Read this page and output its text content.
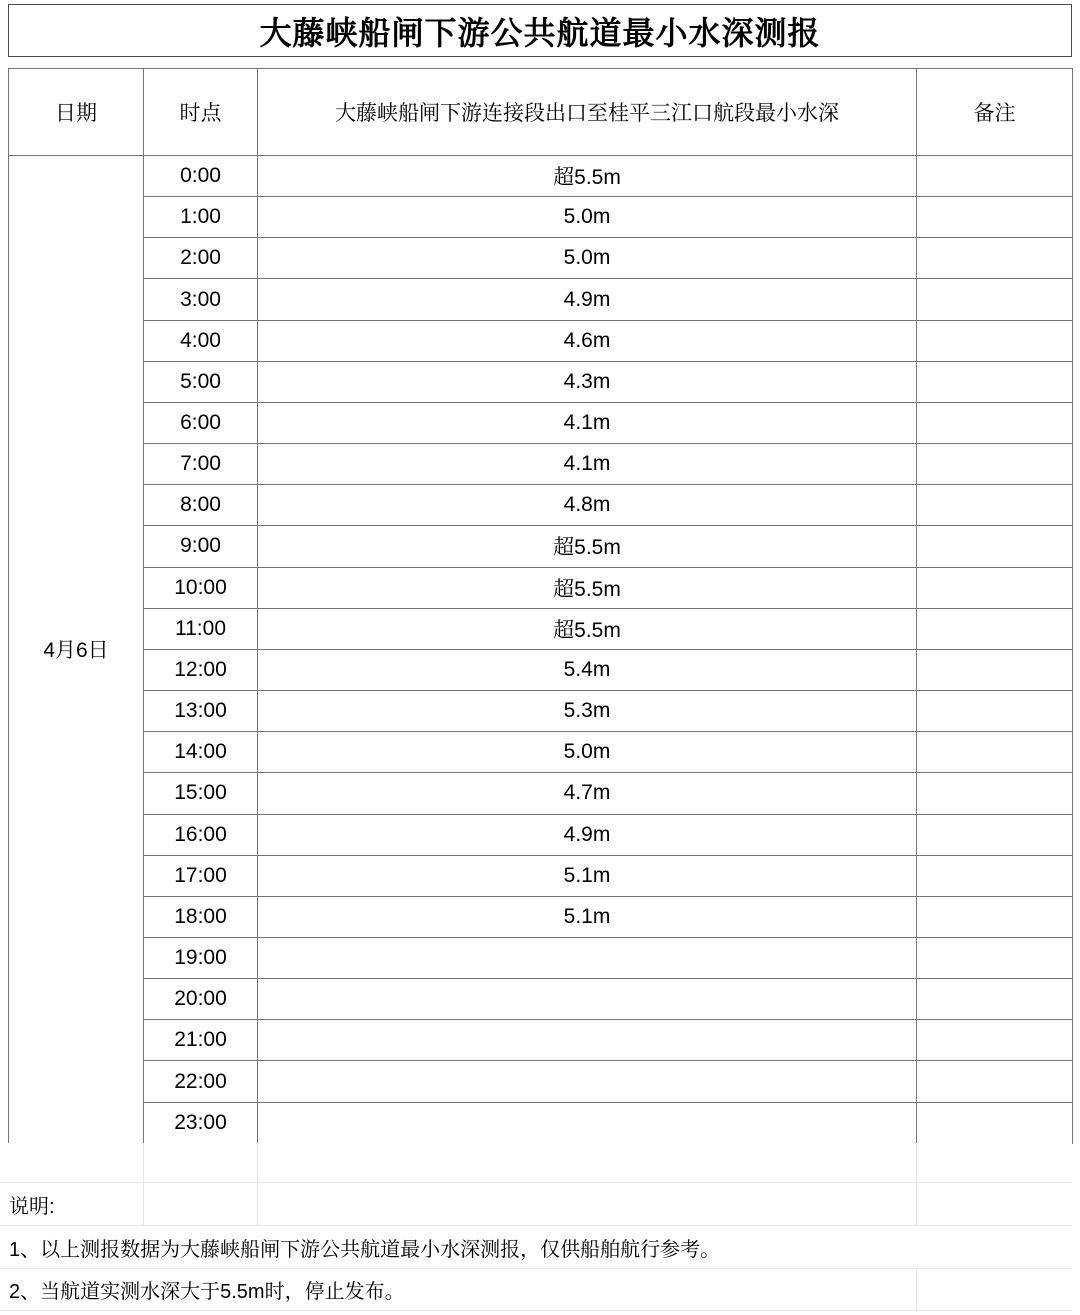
大藤峡船闸下游公共航道最小水深测报
日期	时点	大藤峡船闸下游连接段出口至桂平三江口航段最小水深	备注
4月6日	0:00	超5.5m	
	1:00	5.0m	
	2:00	5.0m	
	3:00	4.9m	
	4:00	4.6m	
	5:00	4.3m	
	6:00	4.1m	
	7:00	4.1m	
	8:00	4.8m	
	9:00	超5.5m	
	10:00	超5.5m	
	11:00	超5.5m	
	12:00	5.4m	
	13:00	5.3m	
	14:00	5.0m	
	15:00	4.7m	
	16:00	4.9m	
	17:00	5.1m	
	18:00	5.1m	
	19:00		
	20:00		
	21:00		
	22:00		
	23:00		
说明:
1、以上测报数据为大藤峡船闸下游公共航道最小水深测报，仅供船舶航行参考。
2、当航道实测水深大于5.5m时，停止发布。
